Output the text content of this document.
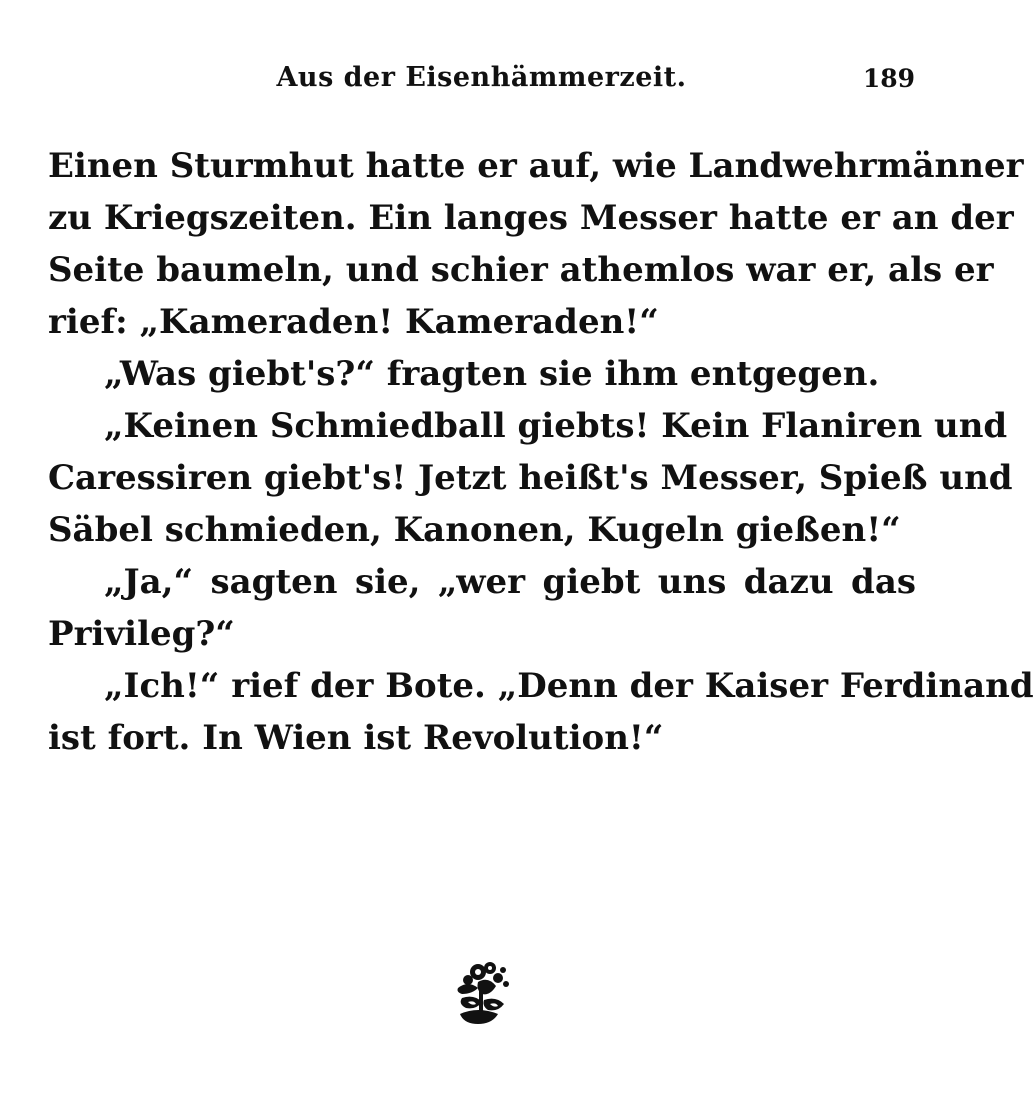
Aus der Eisenhämmerzeit.	189
Einen Sturmhut hatte er auf, wie Landwehrmänner
zu Kriegszeiten. Ein langes Messer hatte er an der
Seite baumeln, und schier athemlos war er, als er
rief: „Kameraden! Kameraden!“
„Was giebt's?“ fragten sie ihm entgegen.
„Keinen Schmiedball giebts! Kein Flaniren und
Caressiren giebt's! Jetzt heißt's Messer, Spieß und
Säbel schmieden, Kanonen, Kugeln gießen!“
„Ja,“ sagten sie, „wer giebt uns dazu das
Privileg?“
„Ich!“ rief der Bote. „Denn der Kaiser Ferdinand
ist fort. In Wien ist Revolution!“
